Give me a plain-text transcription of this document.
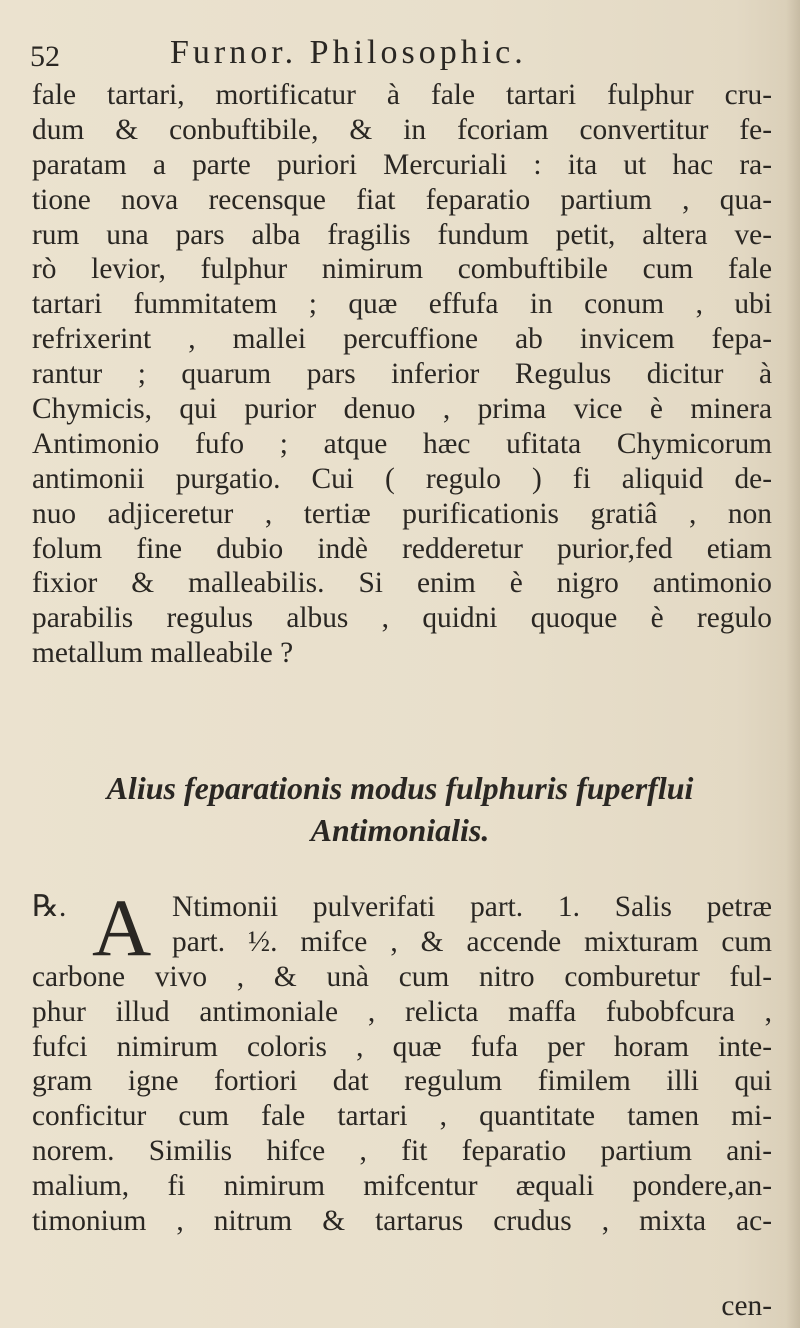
52	Furnor. Philosophic.
fale tartari, mortificatur à fale tartari fulphur cru-
dum & conbuftibile, & in fcoriam convertitur fe-
paratam a parte puriori Mercuriali : ita ut hac ra-
tione nova recensque fiat feparatio partium , qua-
rum una pars alba fragilis fundum petit, altera ve-
rò levior, fulphur nimirum combuftibile cum fale
tartari fummitatem ; quæ effufa in conum , ubi
refrixerint , mallei percuffione ab invicem fepa-
rantur ; quarum pars inferior Regulus dicitur à
Chymicis, qui purior denuo , prima vice è minera
Antimonio fufo ; atque hæc ufitata Chymicorum
antimonii purgatio. Cui ( regulo ) fi aliquid de-
nuo adjiceretur , tertiæ purificationis gratiâ , non
folum fine dubio indè redderetur purior,fed etiam
fixior & malleabilis. Si enim è nigro antimonio
parabilis regulus albus , quidni quoque è regulo
metallum malleabile ?
Alius feparationis modus fulphuris fuperflui
Antimonialis.
℞. A Ntimonii pulverifati part. 1. Salis petræ
part. ½. mifce , & accende mixturam cum
carbone vivo , & unà cum nitro comburetur ful-
phur illud antimoniale , relicta maffa fubobfcura ,
fufci nimirum coloris , quæ fufa per horam inte-
gram igne fortiori dat regulum fimilem illi qui
conficitur cum fale tartari , quantitate tamen mi-
norem. Similis hifce , fit feparatio partium ani-
malium, fi nimirum mifcentur æquali pondere,an-
timonium , nitrum & tartarus crudus , mixta ac-
cen-
